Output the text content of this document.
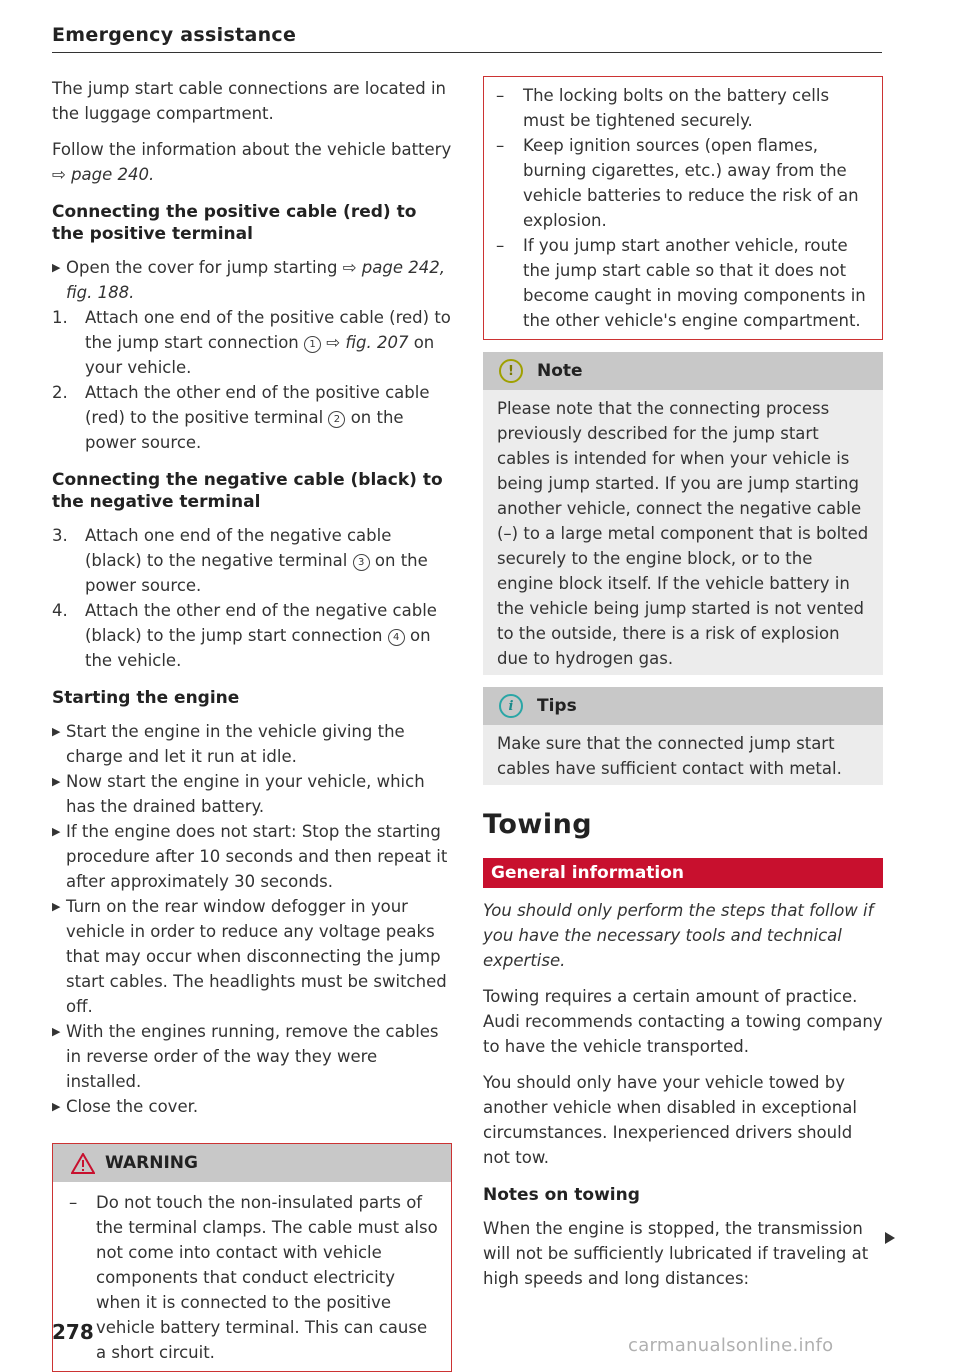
Emergency assistance

The jump start cable connections are located in the luggage compartment.

Follow the information about the vehicle battery ⇨ page 240.

Connecting the positive cable (red) to the positive terminal
▶ Open the cover for jump starting ⇨ page 242, fig. 188.
1. Attach one end of the positive cable (red) to the jump start connection 1 ⇨ fig. 207 on your vehicle.
2. Attach the other end of the positive cable (red) to the positive terminal 2 on the power source.
Connecting the negative cable (black) to the negative terminal
3. Attach one end of the negative cable (black) to the negative terminal 3 on the power source.
4. Attach the other end of the negative cable (black) to the jump start connection 4 on the vehicle.
Starting the engine
▶ Start the engine in the vehicle giving the charge and let it run at idle.
▶ Now start the engine in your vehicle, which has the drained battery.
▶ If the engine does not start: Stop the starting procedure after 10 seconds and then repeat it after approximately 30 seconds.
▶ Turn on the rear window defogger in your vehicle in order to reduce any voltage peaks that may occur when disconnecting the jump start cables. The headlights must be switched off.
▶ With the engines running, remove the cables in reverse order of the way they were installed.
▶ Close the cover.
WARNING
– Do not touch the non-insulated parts of the terminal clamps. The cable must also not come into contact with vehicle components that conduct electricity when it is connected to the positive vehicle battery terminal. This can cause a short circuit.
– The locking bolts on the battery cells must be tightened securely.
– Keep ignition sources (open flames, burning cigarettes, etc.) away from the vehicle batteries to reduce the risk of an explosion.
– If you jump start another vehicle, route the jump start cable so that it does not become caught in moving components in the other vehicle's engine compartment.
!	Note

Please note that the connecting process previously described for the jump start cables is intended for when your vehicle is being jump started. If you are jump starting another vehicle, connect the negative cable (–) to a large metal component that is bolted securely to the engine block, or to the engine block itself. If the vehicle battery in the vehicle being jump started is not vented to the outside, there is a risk of explosion due to hydrogen gas.

i	Tips

Make sure that the connected jump start cables have sufficient contact with metal.

Towing
General information

You should only perform the steps that follow if you have the necessary tools and technical expertise.

Towing requires a certain amount of practice. Audi recommends contacting a towing company to have the vehicle transported.

You should only have your vehicle towed by another vehicle when disabled in exceptional circumstances. Inexperienced drivers should not tow.

Notes on towing

When the engine is stopped, the transmission will not be sufficiently lubricated if traveling at high speeds and long distances:

278
carmanualsonline.info
